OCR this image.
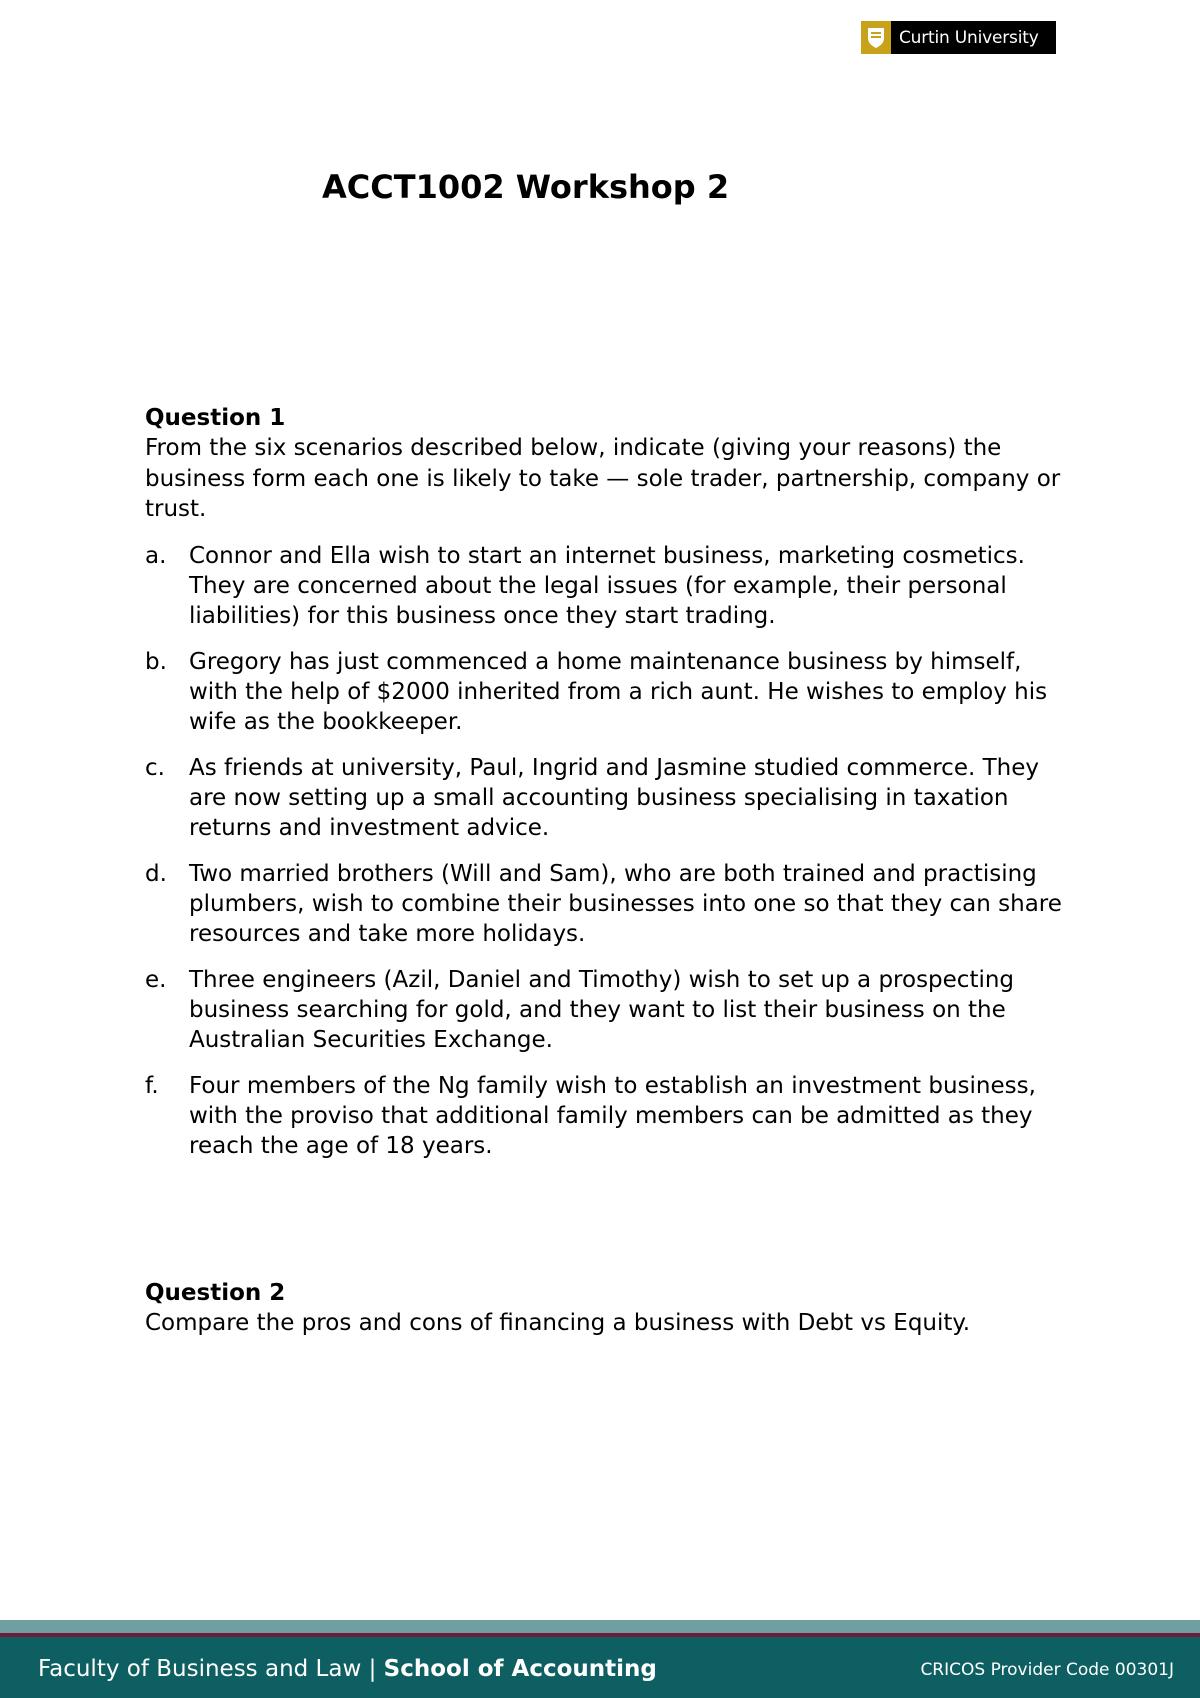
Curtin University
ACCT1002 Workshop 2

Question 1

From the six scenarios described below, indicate (giving your reasons) the business form each one is likely to take — sole trader, partnership, company or trust.

a. Connor and Ella wish to start an internet business, marketing cosmetics. They are concerned about the legal issues (for example, their personal liabilities) for this business once they start trading.
b. Gregory has just commenced a home maintenance business by himself, with the help of $2000 inherited from a rich aunt. He wishes to employ his wife as the bookkeeper.
c.	As friends at university, Paul, Ingrid and Jasmine studied commerce. They are now setting up a small accounting business specialising in taxation returns and investment advice.
d. Two married brothers (Will and Sam), who are both trained and practising plumbers, wish to combine their businesses into one so that they can share resources and take more holidays.
e. Three engineers (Azil, Daniel and Timothy) wish to set up a prospecting business searching for gold, and they want to list their business on the Australian Securities Exchange.
f.	Four members of the Ng family wish to establish an investment business, with the proviso that additional family members can be admitted as they reach the age of 18 years.

Question 2

Compare the pros and cons of financing a business with Debt vs Equity.

Faculty of Business and Law | School of Accounting	CRICOS Provider Code 00301J
